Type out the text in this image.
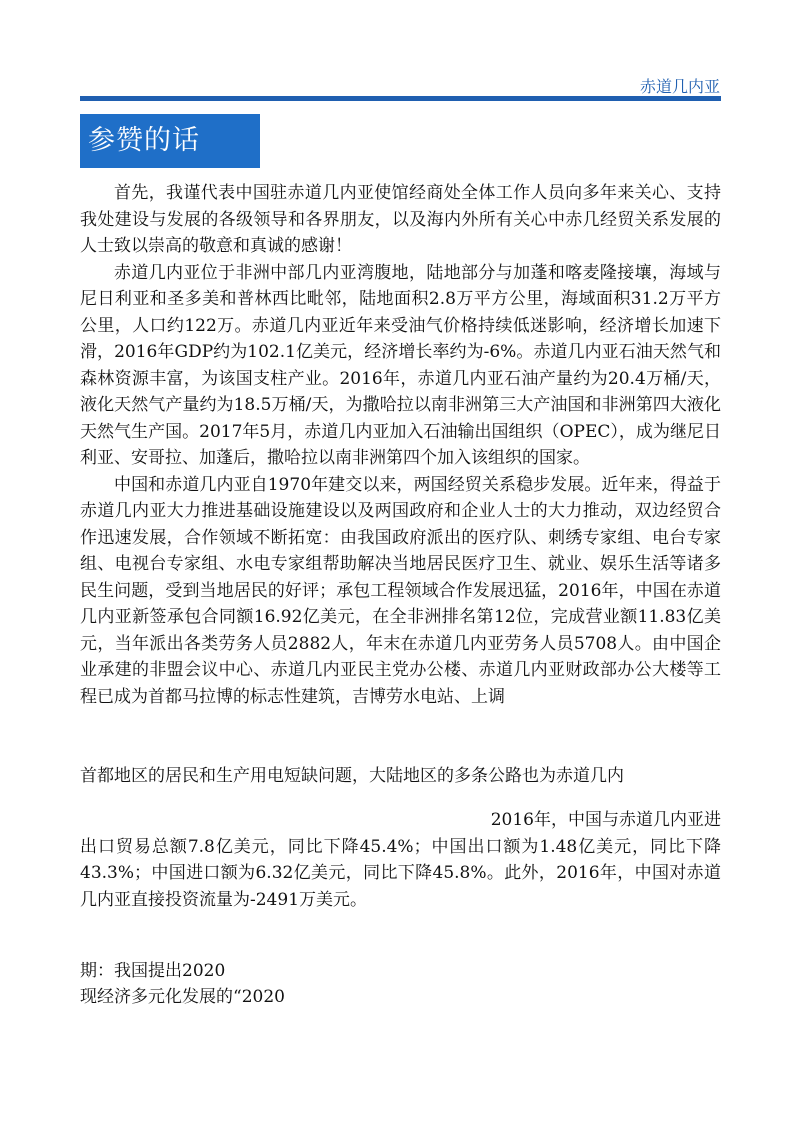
赤道几内亚
参赞的话

首先，我谨代表中国驻赤道几内亚使馆经商处全体工作人员向多年来关心、支持我处建设与发展的各级领导和各界朋友，以及海内外所有关心中赤几经贸关系发展的人士致以崇高的敬意和真诚的感谢！

赤道几内亚位于非洲中部几内亚湾腹地，陆地部分与加蓬和喀麦隆接壤，海域与尼日利亚和圣多美和普林西比毗邻，陆地面积2.8万平方公里，海域面积31.2万平方公里，人口约122万。赤道几内亚近年来受油气价格持续低迷影响，经济增长加速下滑，2016年GDP约为102.1亿美元，经济增长率约为-6%。赤道几内亚石油天然气和森林资源丰富，为该国支柱产业。2016年，赤道几内亚石油产量约为20.4万桶/天，液化天然气产量约为18.5万桶/天，为撒哈拉以南非洲第三大产油国和非洲第四大液化天然气生产国。2017年5月，赤道几内亚加入石油输出国组织（OPEC），成为继尼日利亚、安哥拉、加蓬后，撒哈拉以南非洲第四个加入该组织的国家。

中国和赤道几内亚自1970年建交以来，两国经贸关系稳步发展。近年来，得益于赤道几内亚大力推进基础设施建设以及两国政府和企业人士的大力推动，双边经贸合作迅速发展，合作领域不断拓宽：由我国政府派出的医疗队、刺绣专家组、电台专家组、电视台专家组、水电专家组帮助解决当地居民医疗卫生、就业、娱乐生活等诸多民生问题，受到当地居民的好评；承包工程领域合作发展迅猛，2016年，中国在赤道几内亚新签承包合同额16.92亿美元，在全非洲排名第12位，完成营业额11.83亿美元，当年派出各类劳务人员2882人，年末在赤道几内亚劳务人员5708人。由中国企业承建的非盟会议中心、赤道几内亚民主党办公楼、赤道几内亚财政部办公大楼等工程已成为首都马拉博的标志性建筑，吉博劳水电站、上调

首都地区的居民和生产用电短缺问题，大陆地区的多条公路也为赤道几内
2016年，中国与赤道几内亚进
出口贸易总额7.8亿美元，同比下降45.4%；中国出口额为1.48亿美元，同比下降43.3%；中国进口额为6.32亿美元，同比下降45.8%。此外，2016年，中国对赤道几内亚直接投资流量为-2491万美元。
期：我国提出2020
现经济多元化发展的“2020
